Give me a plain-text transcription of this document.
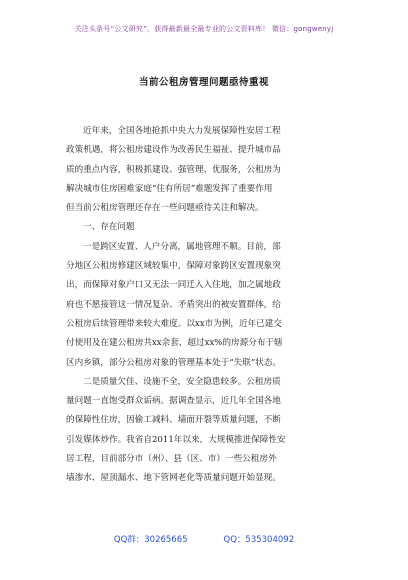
关注头条号“公文研究”，获得最新最全最专业的公文资料库！ 微信：gongwenyj
当前公租房管理问题亟待重视
近年来，全国各地抢抓中央大力发展保障性安居工程
政策机遇，将公租房建设作为改善民生福祉、提升城市品
质的重点内容，积极抓建设、强管理、优服务，公租房为
解决城市住房困难家庭“住有所居”难题发挥了重要作用
但当前公租房管理还存在一些问题亟待关注和解决。
一、存在问题
一是跨区安置、人户分离，属地管理不顺。目前，部
分地区公租房修建区域较集中，保障对象跨区安置现象突
出，而保障对象户口又无法一同迁入入住地，加之属地政
府也不愿接管这一情况复杂、矛盾突出的被安置群体，给
公租房后续管理带来较大难度。以xx市为例，近年已建交
付使用及在建公租房共xx余套，超过xx%的房源分布于辖
区内乡镇，部分公租房对象的管理基本处于“失联”状态。
二是质量欠佳、设施不全，安全隐患较多。公租房质
量问题一直饱受群众诟病。据调查显示，近几年全国各地
的保障性住房，因偷工减料、墙面开裂等质量问题，不断
引发媒体炒作。我省自2011年以来，大规模推进保障性安
居工程，目前部分市（州）、县（区、市）一些公租房外
墙渗水、屋顶漏水、地下管网老化等质量问题开始显现。
QQ群：30265665	QQ：535304092
